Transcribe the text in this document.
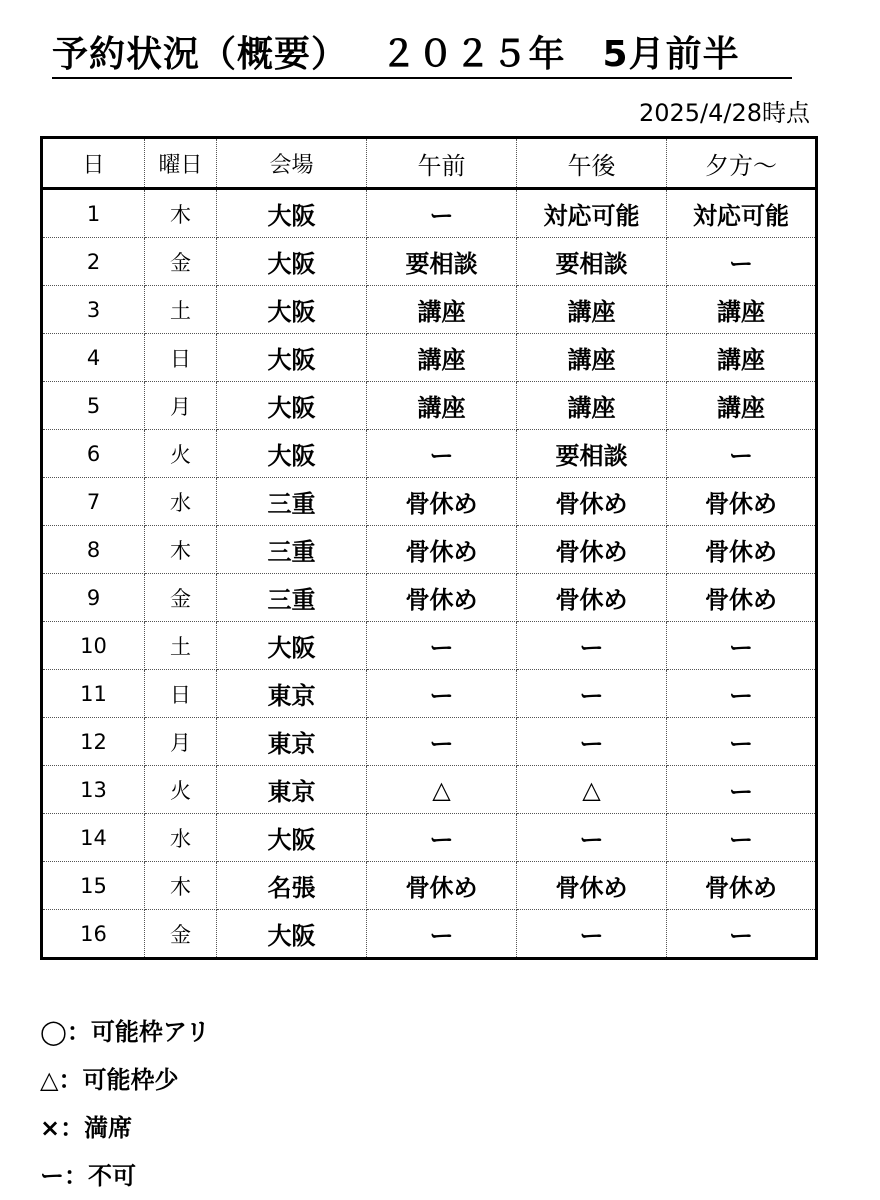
予約状況（概要）　 ２０２５年　5月前半
2025/4/28時点
日	曜日	会場	午前	午後	夕方～
1	木	大阪	ー	対応可能	対応可能
2	金	大阪	要相談	要相談	ー
3	土	大阪	講座	講座	講座
4	日	大阪	講座	講座	講座
5	月	大阪	講座	講座	講座
6	火	大阪	ー	要相談	ー
7	水	三重	骨休め	骨休め	骨休め
8	木	三重	骨休め	骨休め	骨休め
9	金	三重	骨休め	骨休め	骨休め
10	土	大阪	ー	ー	ー
11	日	東京	ー	ー	ー
12	月	東京	ー	ー	ー
13	火	東京	△	△	ー
14	水	大阪	ー	ー	ー
15	木	名張	骨休め	骨休め	骨休め
16	金	大阪	ー	ー	ー
◯：可能枠アリ
△：可能枠少
×：満席
ー：不可
